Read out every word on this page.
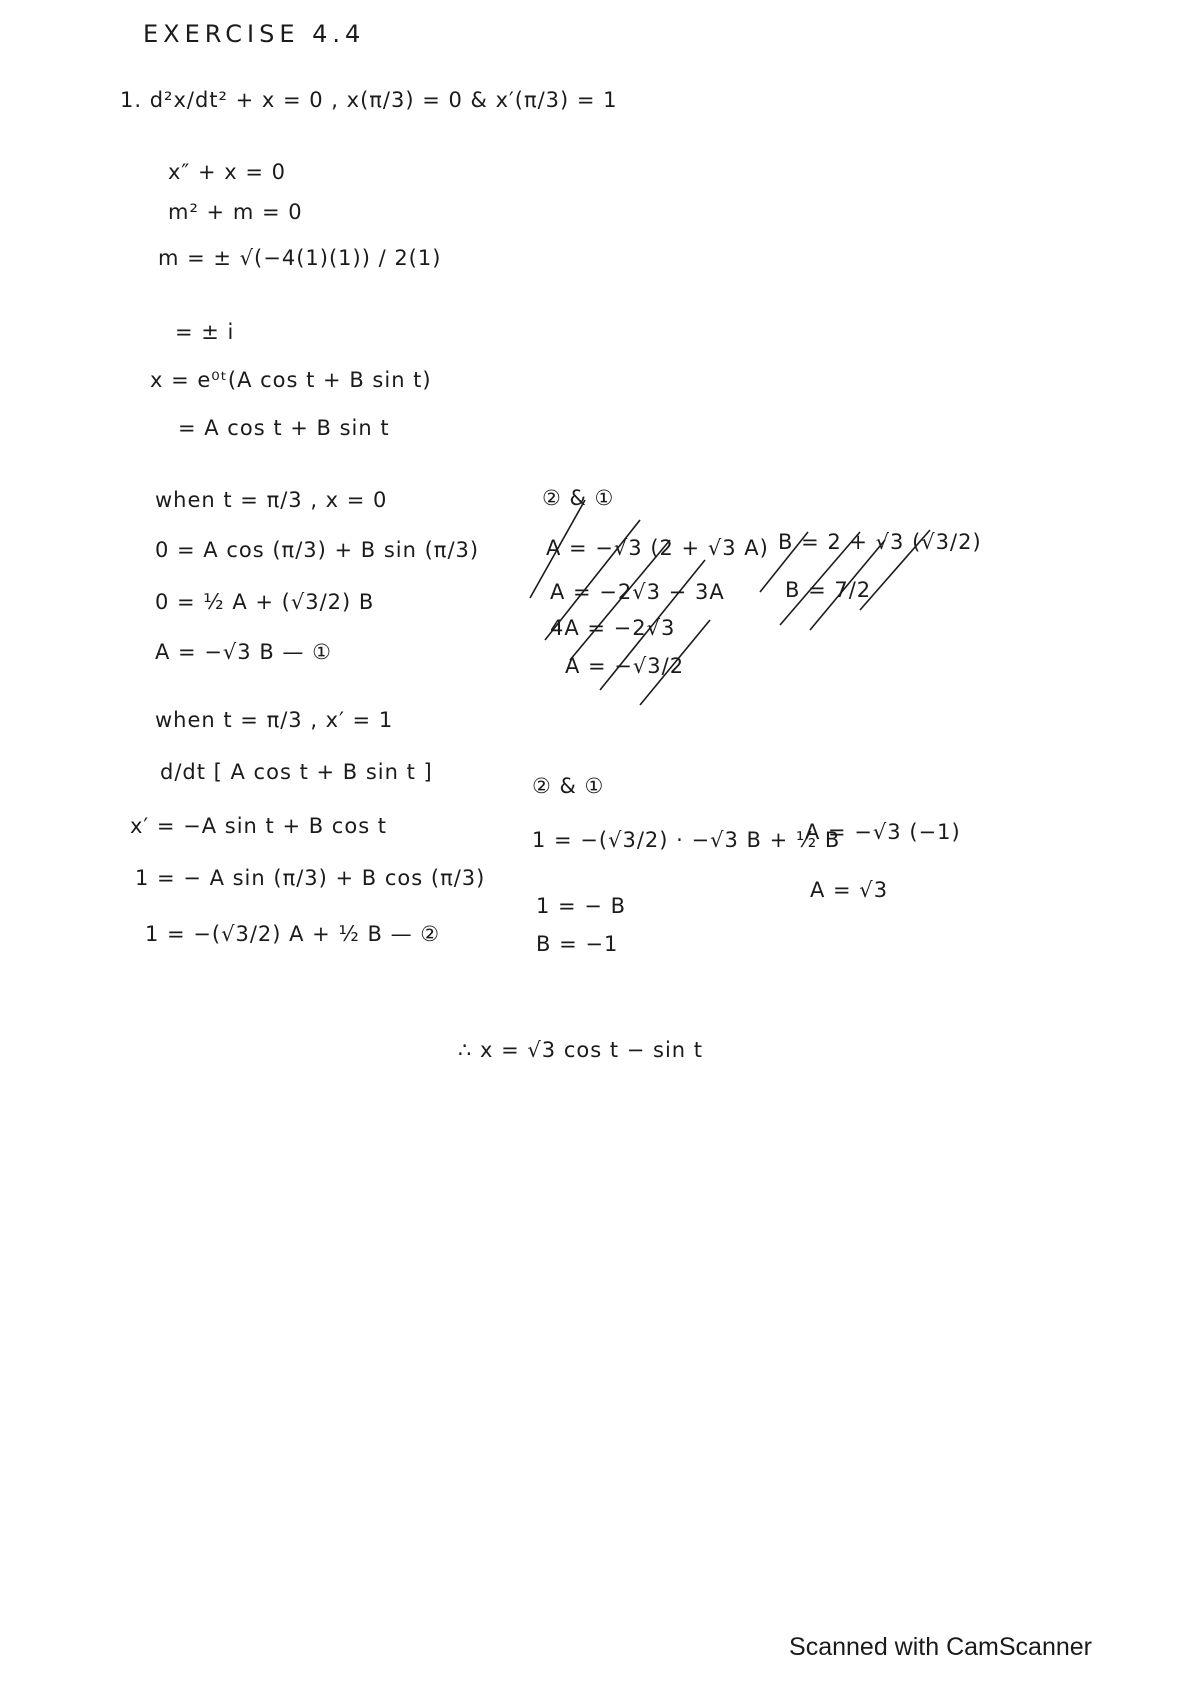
EXERCISE 4.4
1. d²x/dt² + x = 0 , x(π/3) = 0 & x′(π/3) = 1
x″ + x = 0
m² + m = 0
m = ± √(−4(1)(1)) / 2(1)
= ± i
x = e⁰ᵗ(A cos t + B sin t)
= A cos t + B sin t
when t = π/3 , x = 0
0 = A cos (π/3) + B sin (π/3)
0 = ½ A + (√3/2) B
A = −√3 B — ①
when t = π/3 , x′ = 1
d/dt [ A cos t + B sin t ]
x′ = −A sin t + B cos t
1 = − A sin (π/3) + B cos (π/3)
1 = −(√3/2) A + ½ B — ②
② & ①
A = −√3 (2 + √3 A)
A = −2√3 − 3A
4A = −2√3
A = −√3/2
B = 2 + √3 (√3/2)
B = 7/2
② & ①
1 = −(√3/2) · −√3 B + ½ B
1 = − B
B = −1
A = −√3 (−1)
A = √3
∴ x = √3 cos t − sin t
Scanned with CamScanner
